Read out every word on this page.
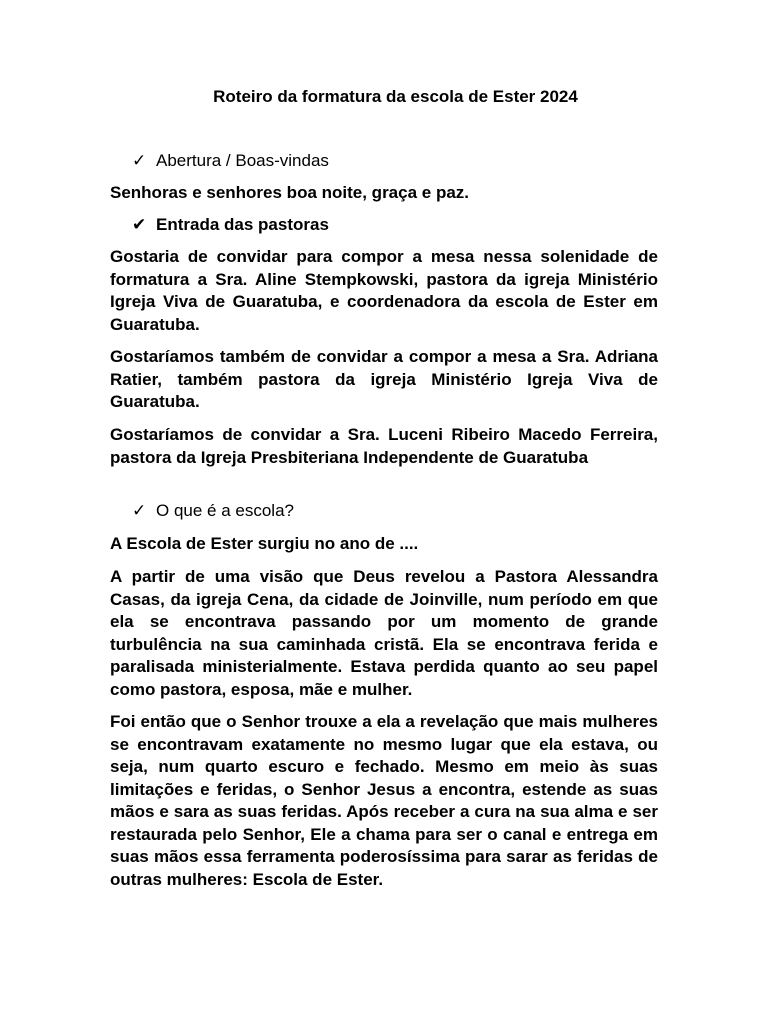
Roteiro da formatura da escola de Ester 2024
✓ Abertura / Boas-vindas

Senhoras e senhores boa noite, graça e paz.

✔ Entrada das pastoras

Gostaria de convidar para compor a mesa nessa solenidade de formatura a Sra. Aline Stempkowski, pastora da igreja Ministério Igreja Viva de Guaratuba, e coordenadora da escola de Ester em Guaratuba.

Gostaríamos também de convidar a compor a mesa a Sra. Adriana Ratier, também pastora da igreja Ministério Igreja Viva de Guaratuba.

Gostaríamos de convidar a Sra. Luceni Ribeiro Macedo Ferreira, pastora da Igreja Presbiteriana Independente de Guaratuba

✓ O que é a escola?

A Escola de Ester surgiu no ano de ....

A partir de uma visão que Deus revelou a Pastora Alessandra Casas, da igreja Cena, da cidade de Joinville, num período em que ela se encontrava passando por um momento de grande turbulência na sua caminhada cristã. Ela se encontrava ferida e paralisada ministerialmente. Estava perdida quanto ao seu papel como pastora, esposa, mãe e mulher.

Foi então que o Senhor trouxe a ela a revelação que mais mulheres se encontravam exatamente no mesmo lugar que ela estava, ou seja, num quarto escuro e fechado. Mesmo em meio às suas limitações e feridas, o Senhor Jesus a encontra, estende as suas mãos e sara as suas feridas. Após receber a cura na sua alma e ser restaurada pelo Senhor, Ele a chama para ser o canal e entrega em suas mãos essa ferramenta poderosíssima para sarar as feridas de outras mulheres: Escola de Ester.
